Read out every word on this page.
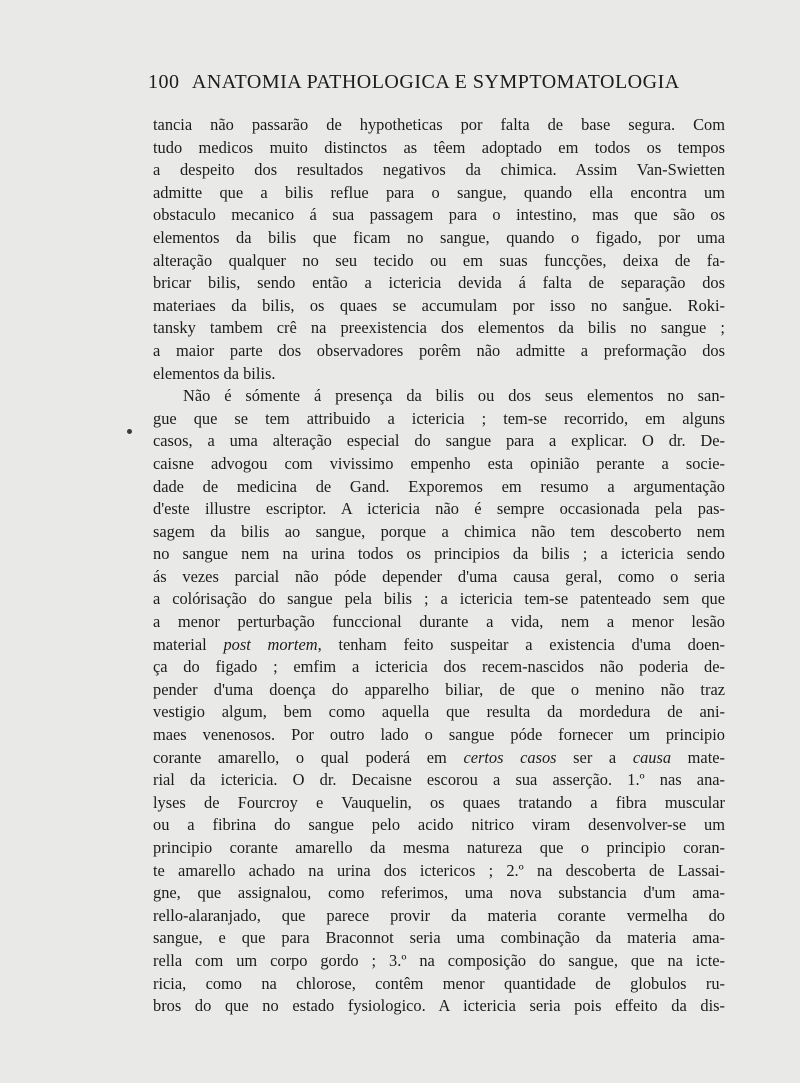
100 ANATOMIA PATHOLOGICA E SYMPTOMATOLOGIA
tancia não passarão de hypotheticas por falta de base segura. Com
tudo medicos muito distinctos as têem adoptado em todos os tempos
a despeito dos resultados negativos da chimica. Assim Van-Swietten
admitte que a bilis reflue para o sangue, quando ella encontra um
obstaculo mecanico á sua passagem para o intestino, mas que são os
elementos da bilis que ficam no sangue, quando o figado, por uma
alteração qualquer no seu tecido ou em suas funcções, deixa de fa-
bricar bilis, sendo então a ictericia devida á falta de separação dos
materiaes da bilis, os quaes se accumulam por isso no sangue. Roki-
tansky tambem crê na preexistencia dos elementos da bilis no sangue ;
a maior parte dos observadores porêm não admitte a preformação dos
elementos da bilis.
Não é sómente á presença da bilis ou dos seus elementos no san-
gue que se tem attribuido a ictericia ; tem-se recorrido, em alguns
casos, a uma alteração especial do sangue para a explicar. O dr. De-
caisne advogou com vivissimo empenho esta opinião perante a socie-
dade de medicina de Gand. Exporemos em resumo a argumentação
d'este illustre escriptor. A ictericia não é sempre occasionada pela pas-
sagem da bilis ao sangue, porque a chimica não tem descoberto nem
no sangue nem na urina todos os principios da bilis ; a ictericia sendo
ás vezes parcial não póde depender d'uma causa geral, como o seria
a colórisação do sangue pela bilis ; a ictericia tem-se patenteado sem que
a menor perturbação funccional durante a vida, nem a menor lesão
material post mortem, tenham feito suspeitar a existencia d'uma doen-
ça do figado ; emfim a ictericia dos recem-nascidos não poderia de-
pender d'uma doença do apparelho biliar, de que o menino não traz
vestigio algum, bem como aquella que resulta da mordedura de ani-
maes venenosos. Por outro lado o sangue póde fornecer um principio
corante amarello, o qual poderá em certos casos ser a causa mate-
rial da ictericia. O dr. Decaisne escorou a sua asserção. 1.º nas ana-
lyses de Fourcroy e Vauquelin, os quaes tratando a fibra muscular
ou a fibrina do sangue pelo acido nitrico viram desenvolver-se um
principio corante amarello da mesma natureza que o principio coran-
te amarello achado na urina dos ictericos ; 2.º na descoberta de Lassai-
gne, que assignalou, como referimos, uma nova substancia d'um ama-
rello-alaranjado, que parece provir da materia corante vermelha do
sangue, e que para Braconnot seria uma combinação da materia ama-
rella com um corpo gordo ; 3.º na composição do sangue, que na icte-
ricia, como na chlorose, contêm menor quantidade de globulos ru-
bros do que no estado fysiologico. A ictericia seria pois effeito da dis-
